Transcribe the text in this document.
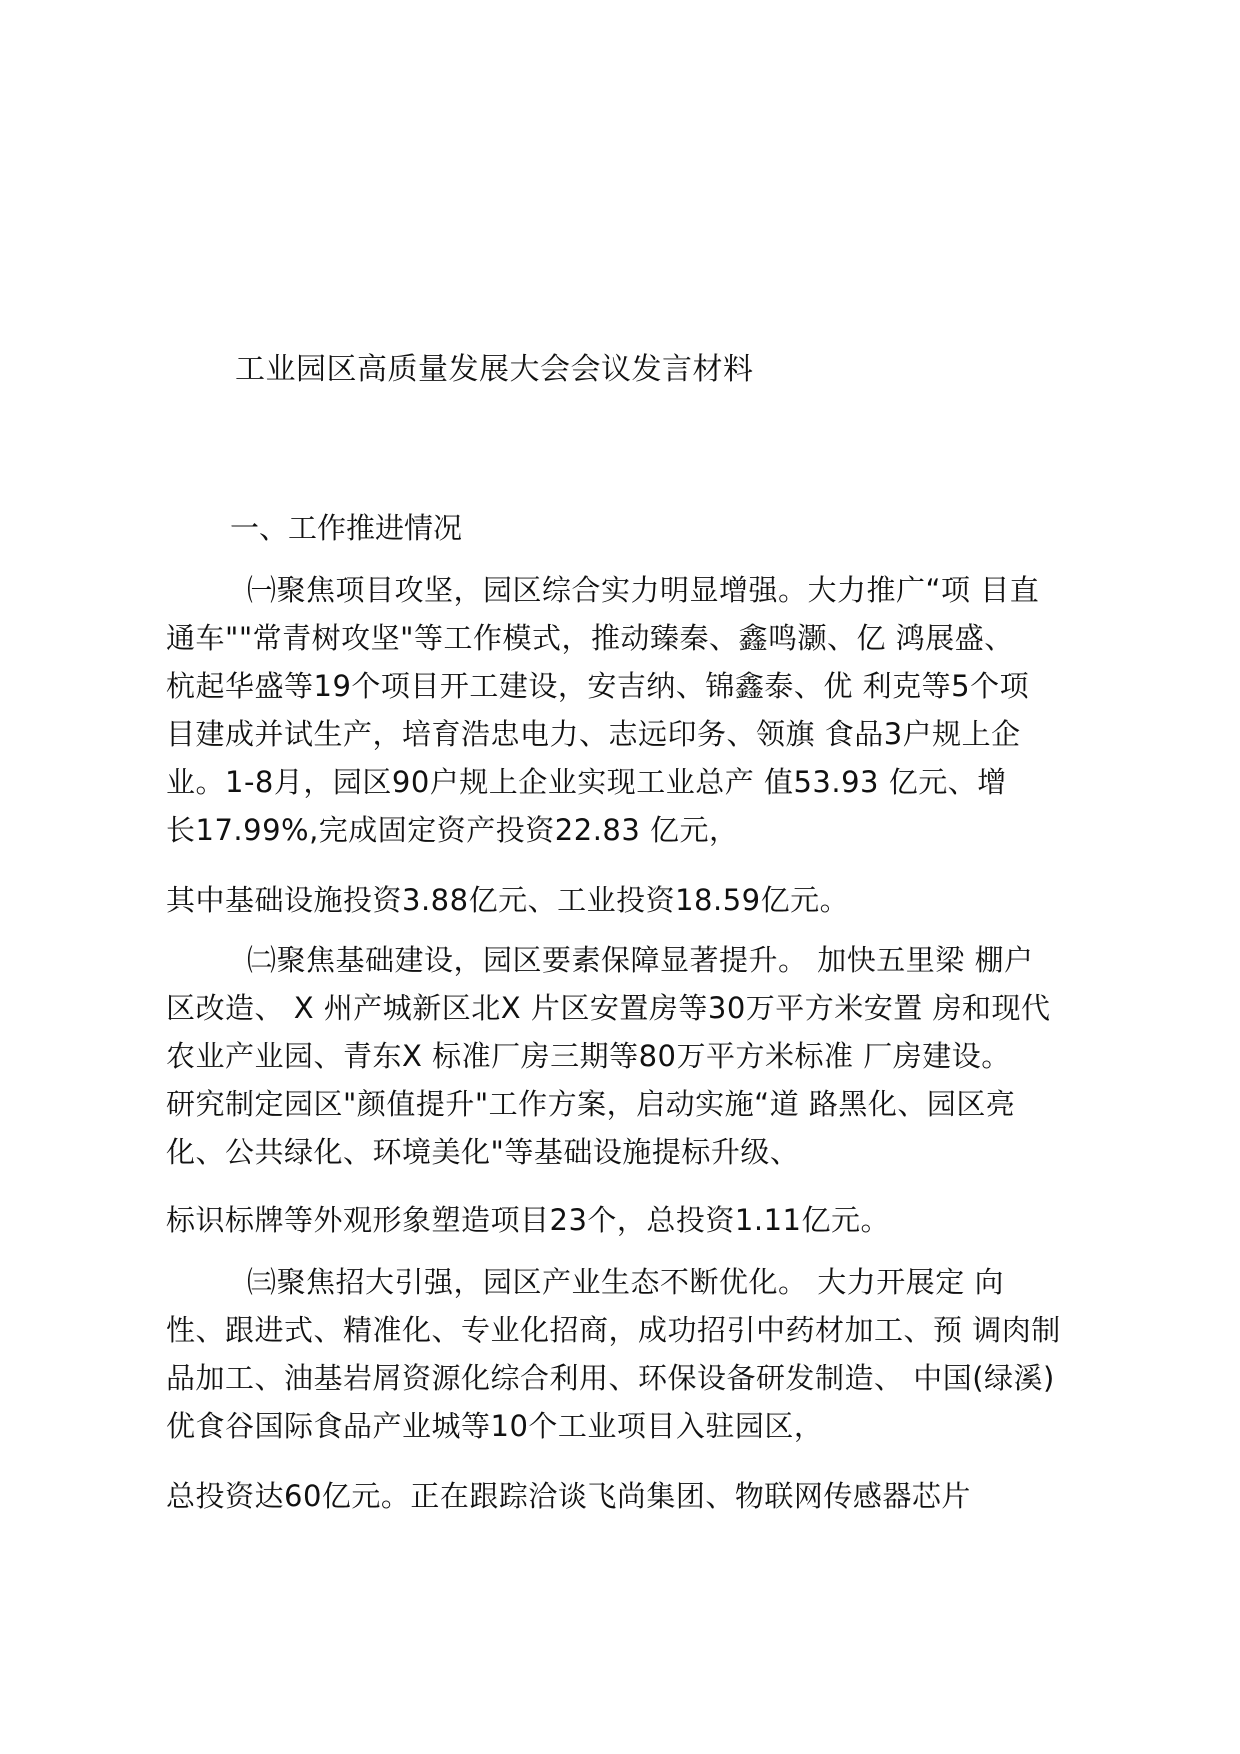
工业园区高质量发展大会会议发言材料
一、工作推进情况
㈠聚焦项目攻坚，园区综合实力明显增强。大力推广“项 目直
通车""常青树攻坚"等工作模式，推动臻秦、鑫鸣灏、亿 鸿展盛、
杭起华盛等19个项目开工建设，安吉纳、锦鑫泰、优 利克等5个项
目建成并试生产，培育浩忠电力、志远印务、领旗 食品3户规上企
业。1-8月，园区90户规上企业实现工业总产 值53.93 亿元、增
长17.99%,完成固定资产投资22.83 亿元，
其中基础设施投资3.88亿元、工业投资18.59亿元。
㈡聚焦基础建设，园区要素保障显著提升。 加快五里梁 棚户
区改造、 X 州产城新区北X 片区安置房等30万平方米安置 房和现代
农业产业园、青东X 标准厂房三期等80万平方米标准 厂房建设。
研究制定园区"颜值提升"工作方案，启动实施“道 路黑化、园区亮
化、公共绿化、环境美化"等基础设施提标升级、
标识标牌等外观形象塑造项目23个，总投资1.11亿元。
㈢聚焦招大引强，园区产业生态不断优化。 大力开展定 向
性、跟进式、精准化、专业化招商，成功招引中药材加工、预 调肉制
品加工、油基岩屑资源化综合利用、环保设备研发制造、 中国(绿溪)
优食谷国际食品产业城等10个工业项目入驻园区，
总投资达60亿元。正在跟踪洽谈飞尚集团、物联网传感器芯片
